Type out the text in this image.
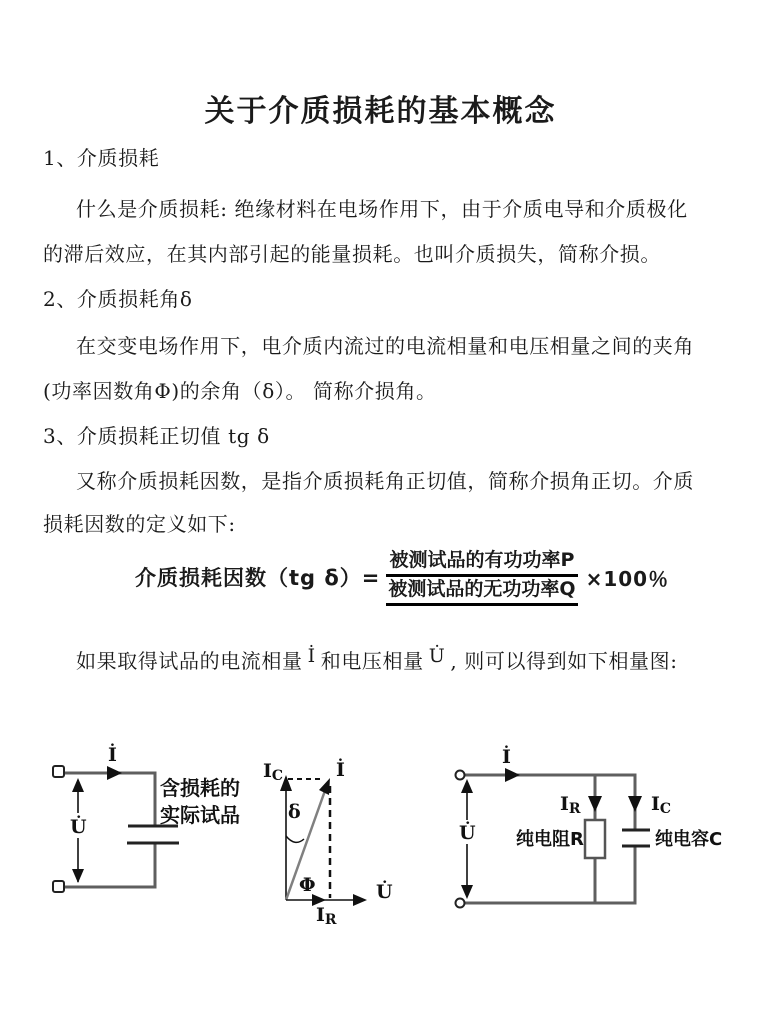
关于介质损耗的基本概念
1、介质损耗
什么是介质损耗: 绝缘材料在电场作用下，由于介质电导和介质极化
的滞后效应，在其内部引起的能量损耗。也叫介质损失，简称介损。
2、介质损耗角δ
在交变电场作用下，电介质内流过的电流相量和电压相量之间的夹角
(功率因数角Φ)的余角（δ）。 简称介损角。
3、介质损耗正切值 tg δ
又称介质损耗因数，是指介质损耗角正切值，简称介损角正切。介质
损耗因数的定义如下:
介质损耗因数（tg $\delta)= \frac{\text{被测试品的有功功率P}}{\text{被测试品的无功功率Q}} \times 100$％
如果取得试品的电流相量 İ 和电压相量 U̇ , 则可以得到如下相量图:
İ
U̇
含损耗的
实际试品
IC	İ
U̇
IR
δ
Φ
İ
U̇
IR	IC
纯电阻R	纯电容C
